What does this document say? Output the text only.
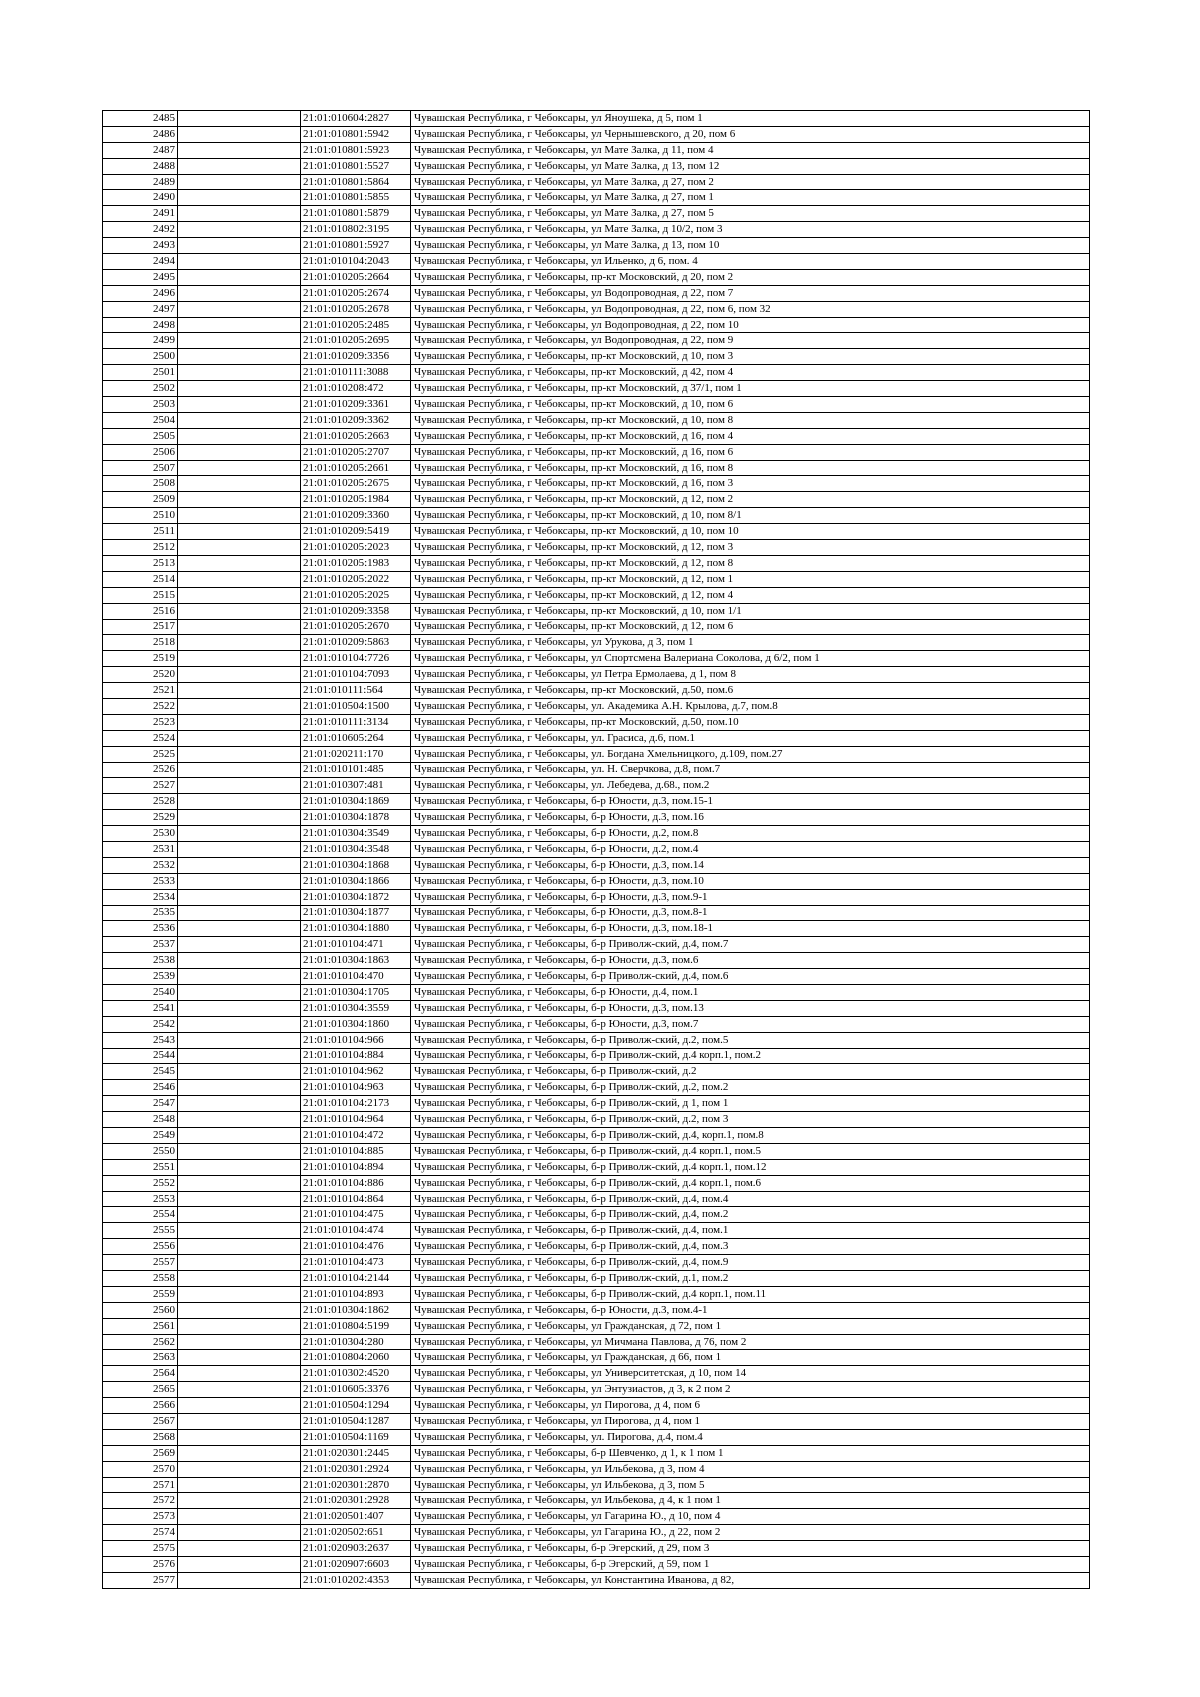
2485		21:01:010604:2827	Чувашская Республика, г Чебоксары, ул Яноушека, д 5, пом 1
2486		21:01:010801:5942	Чувашская Республика, г Чебоксары, ул Чернышевского, д 20, пом 6
2487		21:01:010801:5923	Чувашская Республика, г Чебоксары, ул Мате Залка, д 11, пом 4
2488		21:01:010801:5527	Чувашская Республика, г Чебоксары, ул Мате Залка, д 13, пом 12
2489		21:01:010801:5864	Чувашская Республика, г Чебоксары, ул Мате Залка, д 27, пом 2
2490		21:01:010801:5855	Чувашская Республика, г Чебоксары, ул Мате Залка, д 27, пом 1
2491		21:01:010801:5879	Чувашская Республика, г Чебоксары, ул Мате Залка, д 27, пом 5
2492		21:01:010802:3195	Чувашская Республика, г Чебоксары, ул Мате Залка, д 10/2, пом 3
2493		21:01:010801:5927	Чувашская Республика, г Чебоксары, ул Мате Залка, д 13, пом 10
2494		21:01:010104:2043	Чувашская Республика, г Чебоксары, ул Ильенко, д 6, пом. 4
2495		21:01:010205:2664	Чувашская Республика, г Чебоксары, пр-кт Московский, д 20, пом 2
2496		21:01:010205:2674	Чувашская Республика, г Чебоксары, ул Водопроводная, д 22, пом 7
2497		21:01:010205:2678	Чувашская Республика, г Чебоксары, ул Водопроводная, д 22, пом 6, пом 32
2498		21:01:010205:2485	Чувашская Республика, г Чебоксары, ул Водопроводная, д 22, пом 10
2499		21:01:010205:2695	Чувашская Республика, г Чебоксары, ул Водопроводная, д 22, пом 9
2500		21:01:010209:3356	Чувашская Республика, г Чебоксары, пр-кт Московский, д 10, пом 3
2501		21:01:010111:3088	Чувашская Республика, г Чебоксары, пр-кт Московский, д 42, пом 4
2502		21:01:010208:472	Чувашская Республика, г Чебоксары, пр-кт Московский, д 37/1, пом 1
2503		21:01:010209:3361	Чувашская Республика, г Чебоксары, пр-кт Московский, д 10, пом 6
2504		21:01:010209:3362	Чувашская Республика, г Чебоксары, пр-кт Московский, д 10, пом 8
2505		21:01:010205:2663	Чувашская Республика, г Чебоксары, пр-кт Московский, д 16, пом 4
2506		21:01:010205:2707	Чувашская Республика, г Чебоксары, пр-кт Московский, д 16, пом 6
2507		21:01:010205:2661	Чувашская Республика, г Чебоксары, пр-кт Московский, д 16, пом 8
2508		21:01:010205:2675	Чувашская Республика, г Чебоксары, пр-кт Московский, д 16, пом 3
2509		21:01:010205:1984	Чувашская Республика, г Чебоксары, пр-кт Московский, д 12, пом 2
2510		21:01:010209:3360	Чувашская Республика, г Чебоксары, пр-кт Московский, д 10, пом 8/1
2511		21:01:010209:5419	Чувашская Республика, г Чебоксары, пр-кт Московский, д 10, пом 10
2512		21:01:010205:2023	Чувашская Республика, г Чебоксары, пр-кт Московский, д 12, пом 3
2513		21:01:010205:1983	Чувашская Республика, г Чебоксары, пр-кт Московский, д 12, пом 8
2514		21:01:010205:2022	Чувашская Республика, г Чебоксары, пр-кт Московский, д 12, пом 1
2515		21:01:010205:2025	Чувашская Республика, г Чебоксары, пр-кт Московский, д 12, пом 4
2516		21:01:010209:3358	Чувашская Республика, г Чебоксары, пр-кт Московский, д 10, пом 1/1
2517		21:01:010205:2670	Чувашская Республика, г Чебоксары, пр-кт Московский, д 12, пом 6
2518		21:01:010209:5863	Чувашская Республика, г Чебоксары, ул Урукова, д 3, пом 1
2519		21:01:010104:7726	Чувашская Республика, г Чебоксары, ул Спортсмена Валериана Соколова, д 6/2, пом 1
2520		21:01:010104:7093	Чувашская Республика, г Чебоксары, ул Петра Ермолаева, д 1, пом 8
2521		21:01:010111:564	Чувашская Республика, г Чебоксары, пр-кт Московский, д.50, пом.6
2522		21:01:010504:1500	Чувашская Республика, г Чебоксары, ул. Академика А.Н. Крылова, д.7, пом.8
2523		21:01:010111:3134	Чувашская Республика, г Чебоксары, пр-кт Московский, д.50, пом.10
2524		21:01:010605:264	Чувашская Республика, г Чебоксары, ул. Грасиса, д.6, пом.1
2525		21:01:020211:170	Чувашская Республика, г Чебоксары, ул. Богдана Хмельницкого, д.109, пом.27
2526		21:01:010101:485	Чувашская Республика, г Чебоксары, ул. Н. Сверчкова, д.8, пом.7
2527		21:01:010307:481	Чувашская Республика, г Чебоксары, ул. Лебедева, д.68., пом.2
2528		21:01:010304:1869	Чувашская Республика, г Чебоксары, б-р Юности, д.3, пом.15-1
2529		21:01:010304:1878	Чувашская Республика, г Чебоксары, б-р Юности, д.3, пом.16
2530		21:01:010304:3549	Чувашская Республика, г Чебоксары, б-р Юности, д.2, пом.8
2531		21:01:010304:3548	Чувашская Республика, г Чебоксары, б-р Юности, д.2, пом.4
2532		21:01:010304:1868	Чувашская Республика, г Чебоксары, б-р Юности, д.3, пом.14
2533		21:01:010304:1866	Чувашская Республика, г Чебоксары, б-р Юности, д.3, пом.10
2534		21:01:010304:1872	Чувашская Республика, г Чебоксары, б-р Юности, д.3, пом.9-1
2535		21:01:010304:1877	Чувашская Республика, г Чебоксары, б-р Юности, д.3, пом.8-1
2536		21:01:010304:1880	Чувашская Республика, г Чебоксары, б-р Юности, д.3, пом.18-1
2537		21:01:010104:471	Чувашская Республика, г Чебоксары, б-р Приволж-ский, д.4, пом.7
2538		21:01:010304:1863	Чувашская Республика, г Чебоксары, б-р Юности, д.3, пом.6
2539		21:01:010104:470	Чувашская Республика, г Чебоксары, б-р Приволж-ский, д.4, пом.6
2540		21:01:010304:1705	Чувашская Республика, г Чебоксары, б-р Юности, д.4, пом.1
2541		21:01:010304:3559	Чувашская Республика, г Чебоксары, б-р Юности, д.3, пом.13
2542		21:01:010304:1860	Чувашская Республика, г Чебоксары, б-р Юности, д.3, пом.7
2543		21:01:010104:966	Чувашская Республика, г Чебоксары, б-р Приволж-ский, д.2, пом.5
2544		21:01:010104:884	Чувашская Республика, г Чебоксары, б-р Приволж-ский, д.4 корп.1, пом.2
2545		21:01:010104:962	Чувашская Республика, г Чебоксары, б-р Приволж-ский, д.2
2546		21:01:010104:963	Чувашская Республика, г Чебоксары, б-р Приволж-ский, д.2, пом.2
2547		21:01:010104:2173	Чувашская Республика, г Чебоксары, б-р Приволж-ский, д 1, пом 1
2548		21:01:010104:964	Чувашская Республика, г Чебоксары, б-р Приволж-ский, д.2, пом 3
2549		21:01:010104:472	Чувашская Республика, г Чебоксары, б-р Приволж-ский, д.4, корп.1, пом.8
2550		21:01:010104:885	Чувашская Республика, г Чебоксары, б-р Приволж-ский, д.4 корп.1, пом.5
2551		21:01:010104:894	Чувашская Республика, г Чебоксары, б-р Приволж-ский, д.4 корп.1, пом.12
2552		21:01:010104:886	Чувашская Республика, г Чебоксары, б-р Приволж-ский, д.4 корп.1, пом.6
2553		21:01:010104:864	Чувашская Республика, г Чебоксары, б-р Приволж-ский, д.4, пом.4
2554		21:01:010104:475	Чувашская Республика, г Чебоксары, б-р Приволж-ский, д.4, пом.2
2555		21:01:010104:474	Чувашская Республика, г Чебоксары, б-р Приволж-ский, д.4, пом.1
2556		21:01:010104:476	Чувашская Республика, г Чебоксары, б-р Приволж-ский, д.4, пом.3
2557		21:01:010104:473	Чувашская Республика, г Чебоксары, б-р Приволж-ский, д.4, пом.9
2558		21:01:010104:2144	Чувашская Республика, г Чебоксары, б-р Приволж-ский, д.1, пом.2
2559		21:01:010104:893	Чувашская Республика, г Чебоксары, б-р Приволж-ский, д.4 корп.1, пом.11
2560		21:01:010304:1862	Чувашская Республика, г Чебоксары, б-р Юности, д.3, пом.4-1
2561		21:01:010804:5199	Чувашская Республика, г Чебоксары, ул Гражданская, д 72, пом 1
2562		21:01:010304:280	Чувашская Республика, г Чебоксары, ул Мичмана Павлова, д 76, пом 2
2563		21:01:010804:2060	Чувашская Республика, г Чебоксары, ул Гражданская, д 66, пом 1
2564		21:01:010302:4520	Чувашская Республика, г Чебоксары, ул Университетская, д 10, пом 14
2565		21:01:010605:3376	Чувашская Республика, г Чебоксары, ул Энтузиастов, д 3, к 2 пом 2
2566		21:01:010504:1294	Чувашская Республика, г Чебоксары, ул Пирогова, д 4, пом 6
2567		21:01:010504:1287	Чувашская Республика, г Чебоксары, ул Пирогова, д 4, пом 1
2568		21:01:010504:1169	Чувашская Республика, г Чебоксары, ул. Пирогова, д.4, пом.4
2569		21:01:020301:2445	Чувашская Республика, г Чебоксары, б-р Шевченко, д 1, к 1 пом 1
2570		21:01:020301:2924	Чувашская Республика, г Чебоксары, ул Ильбекова, д 3, пом 4
2571		21:01:020301:2870	Чувашская Республика, г Чебоксары, ул Ильбекова, д 3, пом 5
2572		21:01:020301:2928	Чувашская Республика, г Чебоксары, ул Ильбекова, д 4, к 1 пом 1
2573		21:01:020501:407	Чувашская Республика, г Чебоксары, ул Гагарина Ю., д 10, пом 4
2574		21:01:020502:651	Чувашская Республика, г Чебоксары, ул Гагарина Ю., д 22, пом 2
2575		21:01:020903:2637	Чувашская Республика, г Чебоксары, б-р Эгерский, д 29, пом 3
2576		21:01:020907:6603	Чувашская Республика, г Чебоксары, б-р Эгерский, д 59, пом 1
2577		21:01:010202:4353	Чувашская Республика, г Чебоксары, ул Константина Иванова, д 82,
